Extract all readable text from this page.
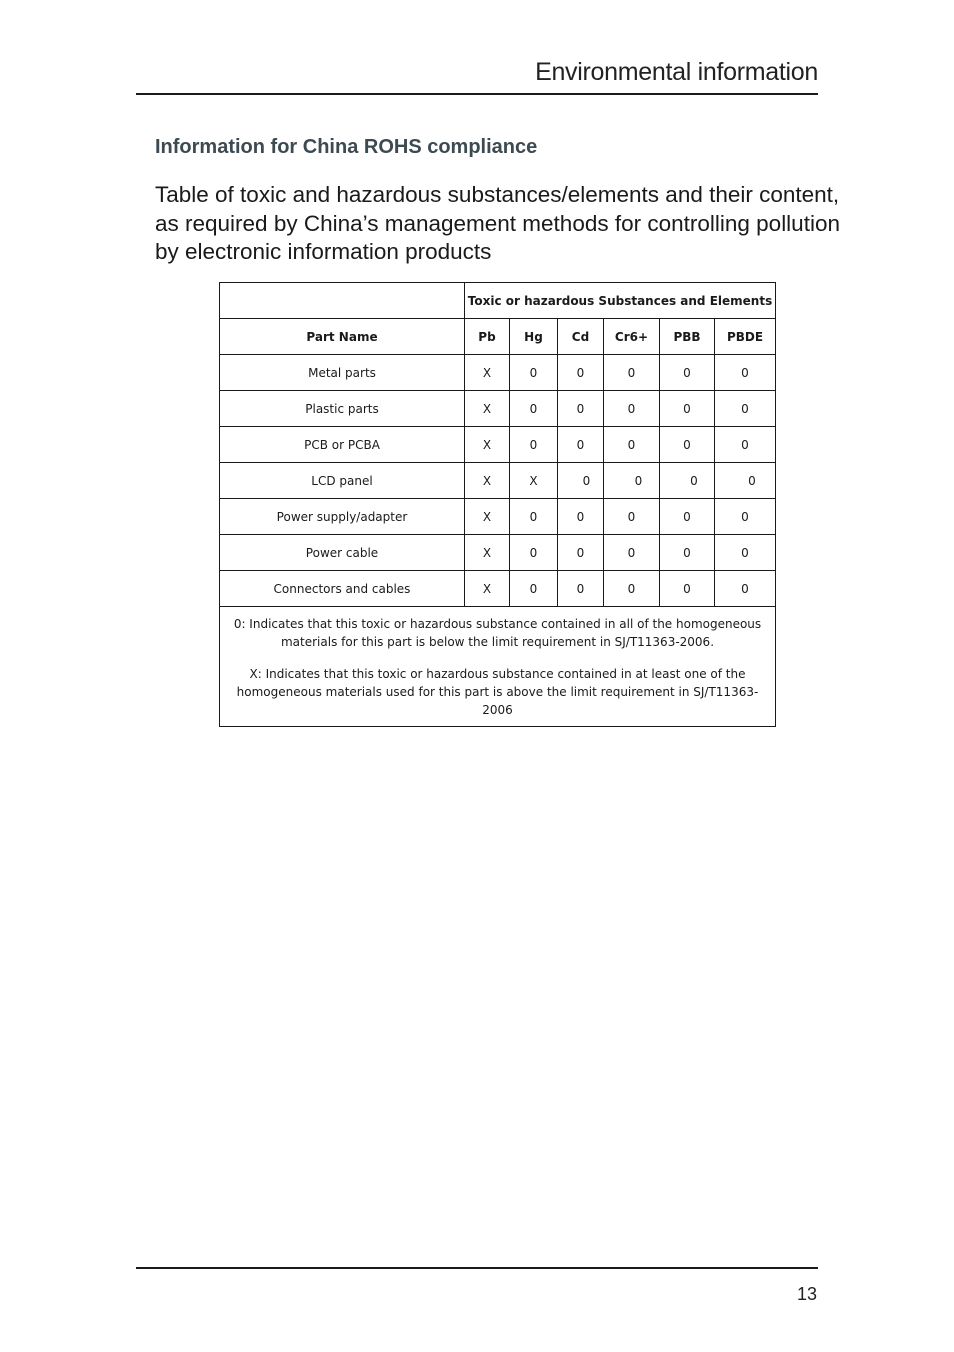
Environmental information
Information for China ROHS compliance
Table of toxic and hazardous substances/elements and their content,
as required by China’s management methods for controlling pollution
by electronic information products
	Toxic or hazardous Substances and Elements					
Part Name	Pb	Hg	Cd	Cr6+	PBB	PBDE
Metal parts	X	0	0	0	0	0
Plastic parts	X	0	0	0	0	0
PCB or PCBA	X	0	0	0	0	0
LCD panel	X	X	0	0	0	0
Power supply/adapter	X	0	0	0	0	0
Power cable	X	0	0	0	0	0
Connectors and cables	X	0	0	0	0	0

0: Indicates that this toxic or hazardous substance contained in all of the homogeneous materials for this part is below the limit requirement in SJ/T11363-2006.

X: Indicates that this toxic or hazardous substance contained in at least one of the homogeneous materials used for this part is above the limit requirement in SJ/T11363-2006						

13
